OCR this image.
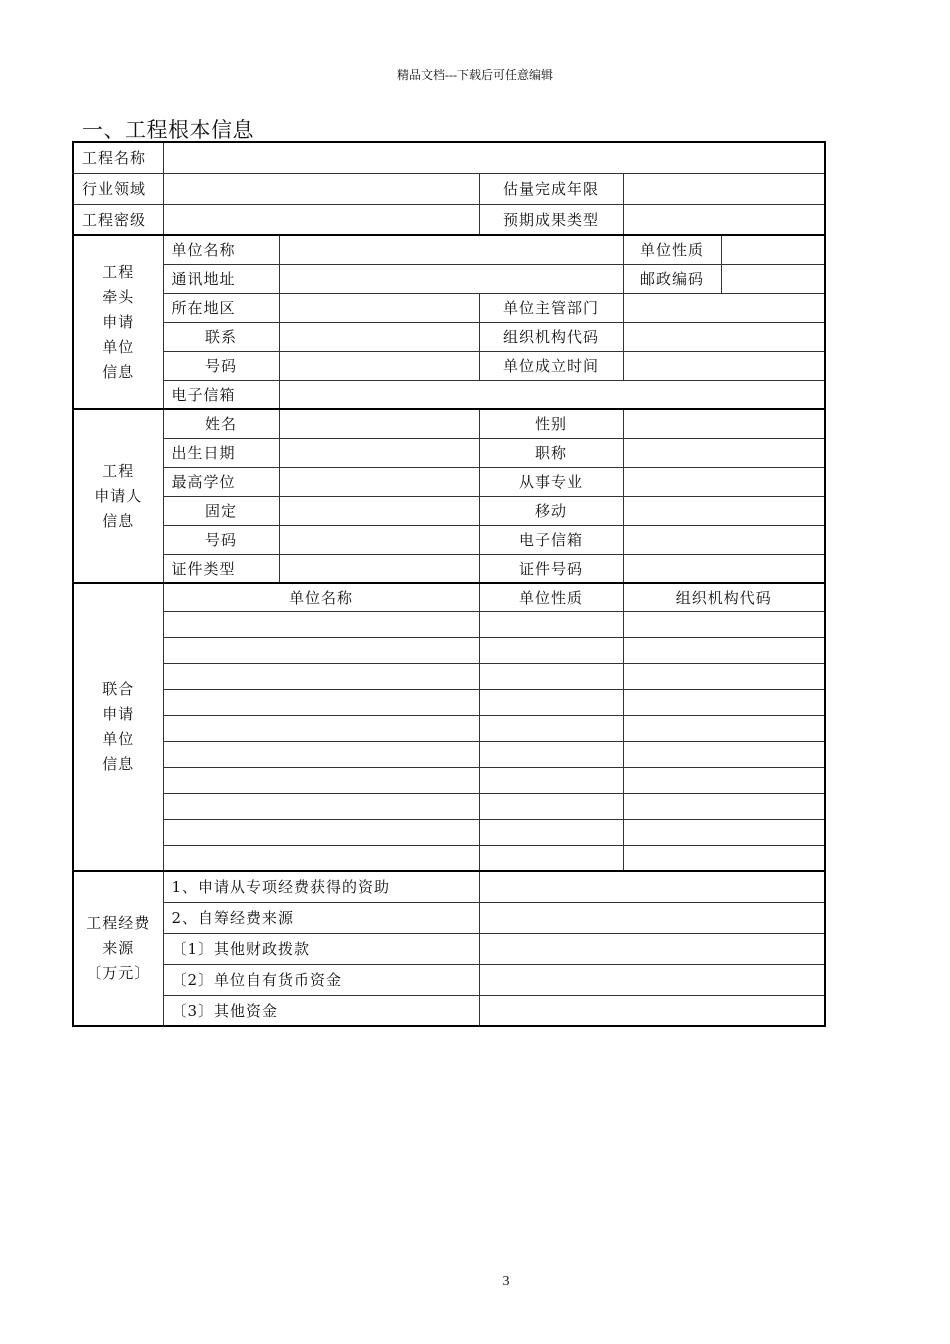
精品文档---下载后可任意编辑
一、工程根本信息
工程名称					
行业领域			估量完成年限		
工程密级			预期成果类型		

工程
牵头
申请
单位
信息	单位名称			单位性质	
	通讯地址			邮政编码	
	所在地区		单位主管部门		
	联系		组织机构代码		
	号码		单位成立时间		
	电子信箱				

工程
申请人
信息	姓名		性别		
	出生日期		职称		
	最高学位		从事专业		
	固定		移动		
	号码		电子信箱		
	证件类型		证件号码		

联合
申请
单位
信息	单位名称		单位性质	组织机构代码	

工程经费
来源
〔万元〕	1、申请从专项经费获得的资助				
	2、自筹经费来源				
	〔1〕其他财政拨款				
	〔2〕单位自有货币资金				
	〔3〕其他资金				
3
